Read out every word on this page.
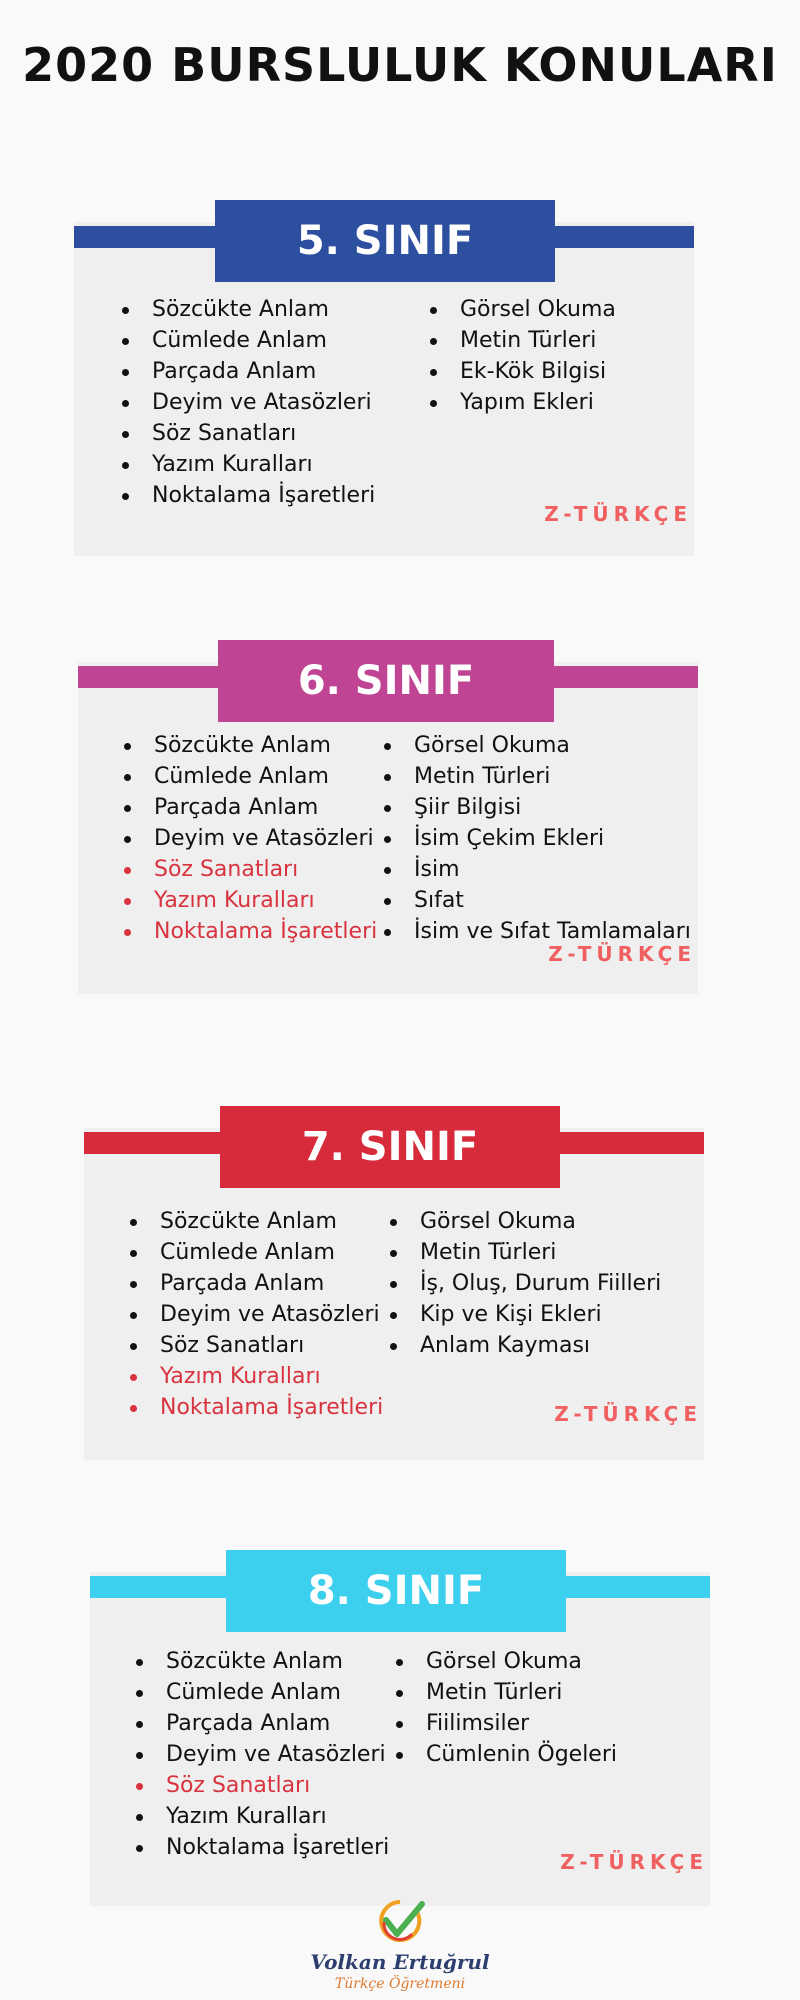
2020 BURSLULUK KONULARI
5. SINIF
Sözcükte Anlam
Cümlede Anlam
Parçada Anlam
Deyim ve Atasözleri
Söz Sanatları
Yazım Kuralları
Noktalama İşaretleri
Görsel Okuma
Metin Türleri
Ek-Kök Bilgisi
Yapım Ekleri
Z-TÜRKÇE
6. SINIF
Sözcükte Anlam
Cümlede Anlam
Parçada Anlam
Deyim ve Atasözleri
Söz Sanatları
Yazım Kuralları
Noktalama İşaretleri
Görsel Okuma
Metin Türleri
Şiir Bilgisi
İsim Çekim Ekleri
İsim
Sıfat
İsim ve Sıfat Tamlamaları
Z-TÜRKÇE
7. SINIF
Sözcükte Anlam
Cümlede Anlam
Parçada Anlam
Deyim ve Atasözleri
Söz Sanatları
Yazım Kuralları
Noktalama İşaretleri
Görsel Okuma
Metin Türleri
İş, Oluş, Durum Fiilleri
Kip ve Kişi Ekleri
Anlam Kayması
Z-TÜRKÇE
8. SINIF
Sözcükte Anlam
Cümlede Anlam
Parçada Anlam
Deyim ve Atasözleri
Söz Sanatları
Yazım Kuralları
Noktalama İşaretleri
Görsel Okuma
Metin Türleri
Fiilimsiler
Cümlenin Ögeleri
Z-TÜRKÇE
Volkan Ertuğrul
Türkçe Öğretmeni
